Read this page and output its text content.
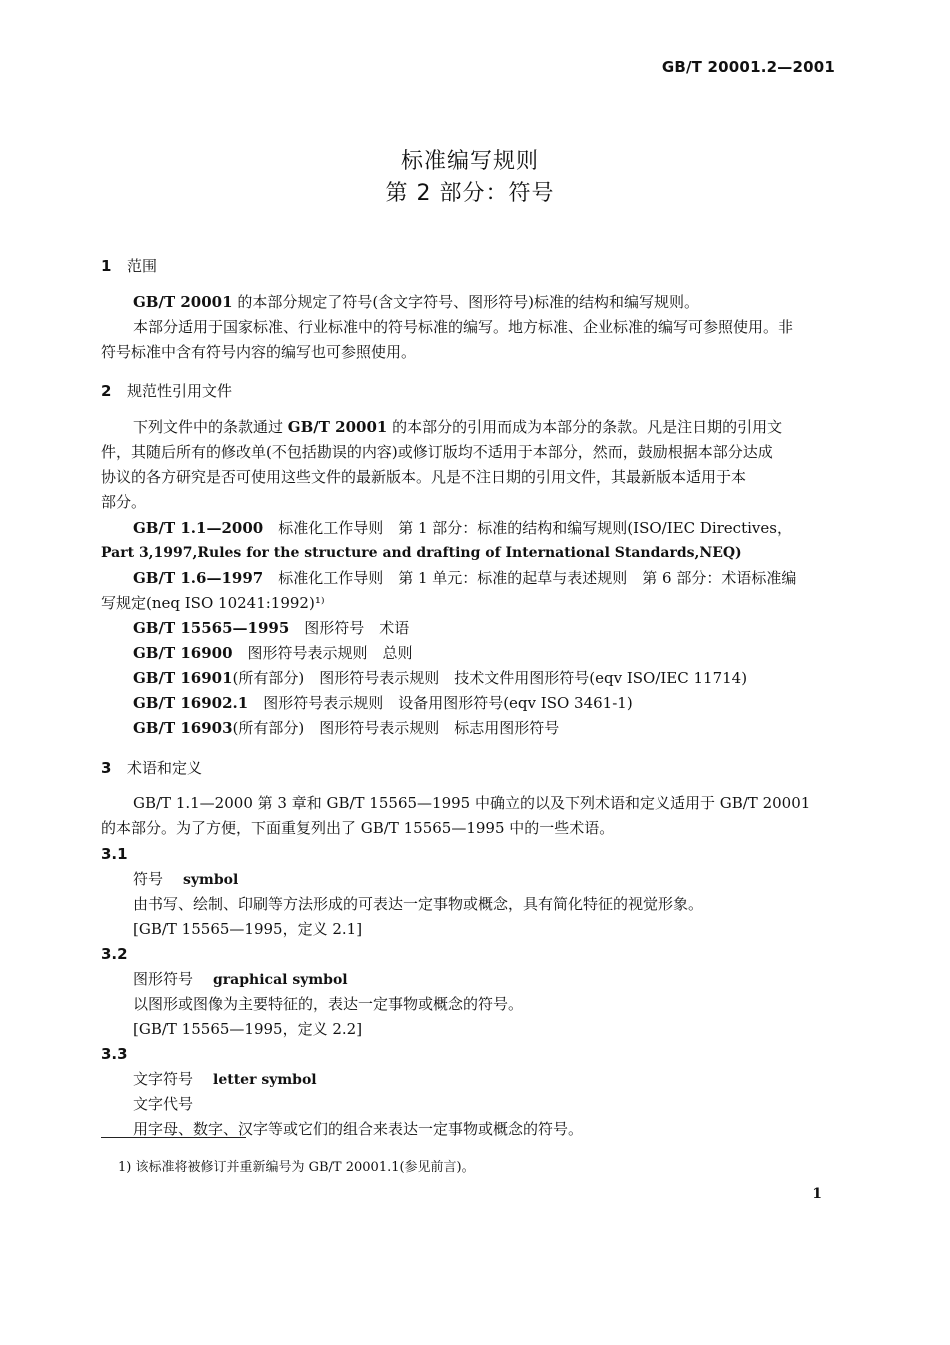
GB/T 20001.2—2001
标准编写规则
第 2 部分：符号
1 范围
GB/T 20001 的本部分规定了符号(含文字符号、图形符号)标准的结构和编写规则。
本部分适用于国家标准、行业标准中的符号标准的编写。地方标准、企业标准的编写可参照使用。非
符号标准中含有符号内容的编写也可参照使用。
2 规范性引用文件
下列文件中的条款通过 GB/T 20001 的本部分的引用而成为本部分的条款。凡是注日期的引用文
件，其随后所有的修改单(不包括勘误的内容)或修订版均不适用于本部分，然而，鼓励根据本部分达成
协议的各方研究是否可使用这些文件的最新版本。凡是不注日期的引用文件，其最新版本适用于本
部分。
GB/T 1.1—2000　标准化工作导则　第 1 部分：标准的结构和编写规则(ISO/IEC Directives，
Part 3,1997,Rules for the structure and drafting of International Standards,NEQ)
GB/T 1.6—1997　标准化工作导则　第 1 单元：标准的起草与表述规则　第 6 部分：术语标准编
写规定(neq ISO 10241:1992)¹⁾
GB/T 15565—1995　图形符号　术语
GB/T 16900　图形符号表示规则　总则
GB/T 16901(所有部分)　图形符号表示规则　技术文件用图形符号(eqv ISO/IEC 11714)
GB/T 16902.1　图形符号表示规则　设备用图形符号(eqv ISO 3461-1)
GB/T 16903(所有部分)　图形符号表示规则　标志用图形符号
3 术语和定义
GB/T 1.1—2000 第 3 章和 GB/T 15565—1995 中确立的以及下列术语和定义适用于 GB/T 20001
的本部分。为了方便，下面重复列出了 GB/T 15565—1995 中的一些术语。
3.1
符号 symbol
由书写、绘制、印刷等方法形成的可表达一定事物或概念，具有简化特征的视觉形象。
[GB/T 15565—1995，定义 2.1]
3.2
图形符号 graphical symbol
以图形或图像为主要特征的，表达一定事物或概念的符号。
[GB/T 15565—1995，定义 2.2]
3.3
文字符号 letter symbol
文字代号
用字母、数字、汉字等或它们的组合来表达一定事物或概念的符号。
1) 该标准将被修订并重新编号为 GB/T 20001.1(参见前言)。
1
